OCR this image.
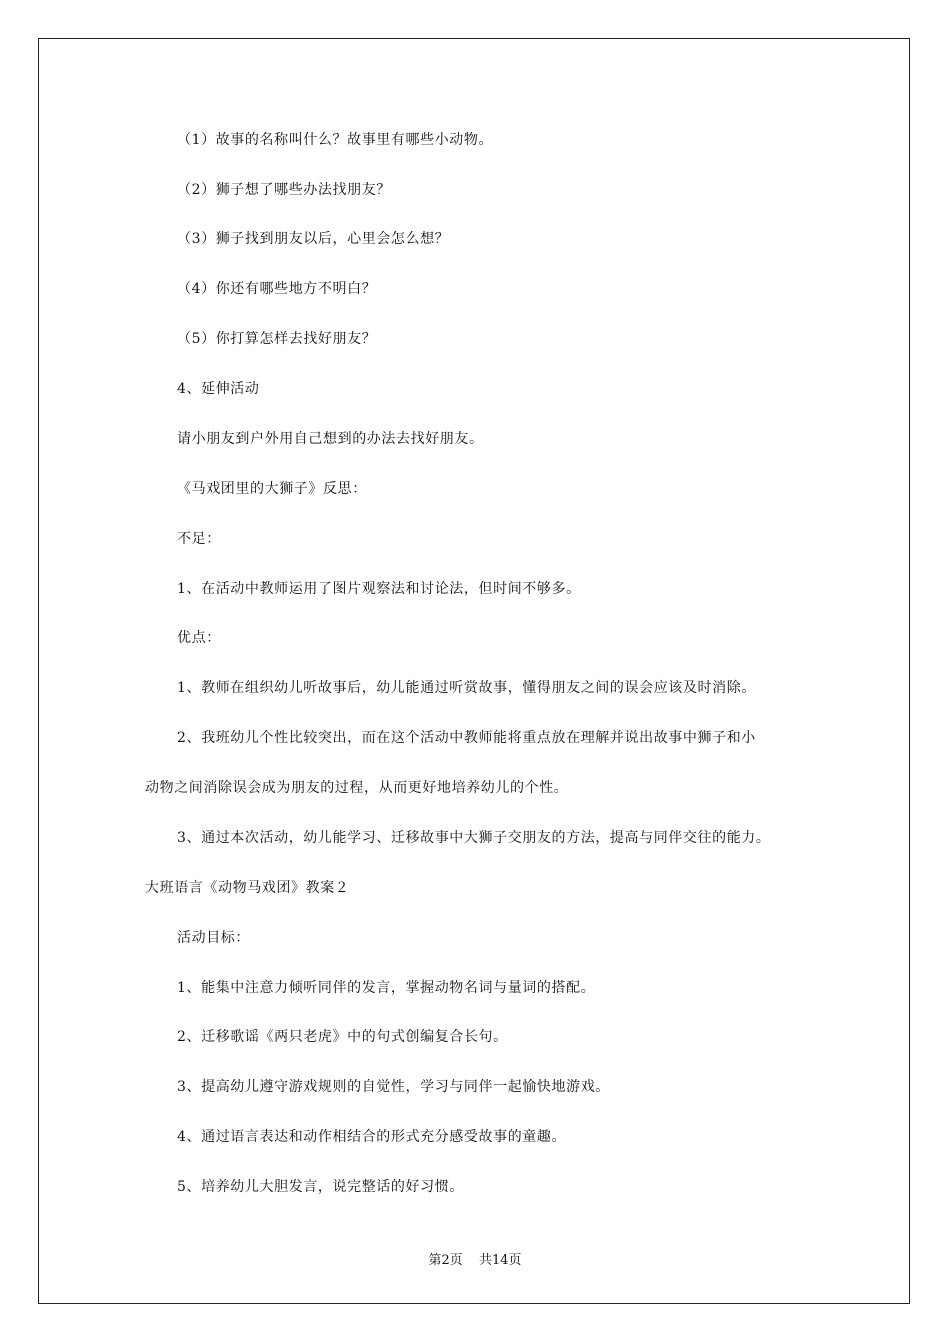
（1）故事的名称叫什么？故事里有哪些小动物。
（2）狮子想了哪些办法找朋友？
（3）狮子找到朋友以后，心里会怎么想？
（4）你还有哪些地方不明白？
（5）你打算怎样去找好朋友？
4、延伸活动
请小朋友到户外用自己想到的办法去找好朋友。
《马戏团里的大狮子》反思：
不足：
1、在活动中教师运用了图片观察法和讨论法，但时间不够多。
优点：
1、教师在组织幼儿听故事后，幼儿能通过听赏故事，懂得朋友之间的误会应该及时消除。
2、我班幼儿个性比较突出，而在这个活动中教师能将重点放在理解并说出故事中狮子和小
动物之间消除误会成为朋友的过程，从而更好地培养幼儿的个性。
3、通过本次活动，幼儿能学习、迁移故事中大狮子交朋友的方法，提高与同伴交往的能力。
大班语言《动物马戏团》教案２
活动目标：
1、能集中注意力倾听同伴的发言，掌握动物名词与量词的搭配。
2、迁移歌谣《两只老虎》中的句式创编复合长句。
3、提高幼儿遵守游戏规则的自觉性，学习与同伴一起愉快地游戏。
4、通过语言表达和动作相结合的形式充分感受故事的童趣。
5、培养幼儿大胆发言，说完整话的好习惯。
第2页 共14页
